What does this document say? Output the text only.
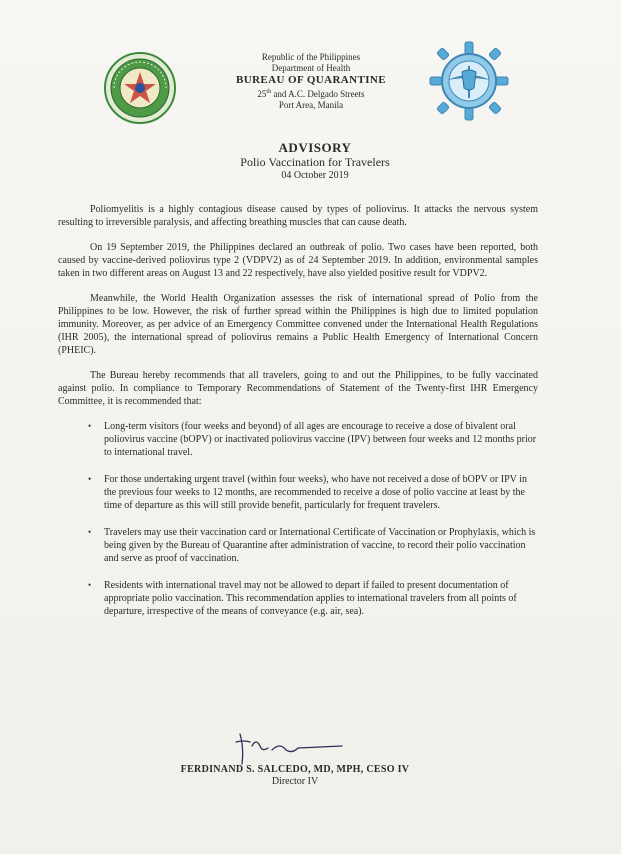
Republic of the Philippines
Department of Health
BUREAU OF QUARANTINE
25th and A.C. Delgado Streets
Port Area, Manila
ADVISORY
Polio Vaccination for Travelers
04 October 2019

Poliomyelitis is a highly contagious disease caused by types of poliovirus. It attacks the nervous system resulting to irreversible paralysis, and affecting breathing muscles that can cause death.

On 19 September 2019, the Philippines declared an outbreak of polio. Two cases have been reported, both caused by vaccine-derived poliovirus type 2 (VDPV2) as of 24 September 2019. In addition, environmental samples taken in two different areas on August 13 and 22 respectively, have also yielded positive result for VDPV2.

Meanwhile, the World Health Organization assesses the risk of international spread of Polio from the Philippines to be low. However, the risk of further spread within the Philippines is high due to limited population immunity. Moreover, as per advice of an Emergency Committee convened under the International Health Regulations (IHR 2005), the international spread of poliovirus remains a Public Health Emergency of International Concern (PHEIC).

The Bureau hereby recommends that all travelers, going to and out the Philippines, to be fully vaccinated against polio. In compliance to Temporary Recommendations of Statement of the Twenty-first IHR Emergency Committee, it is recommended that:

• Long-term visitors (four weeks and beyond) of all ages are encourage to receive a dose of bivalent oral poliovirus vaccine (bOPV) or inactivated poliovirus vaccine (IPV) between four weeks and 12 months prior to international travel.
• For those undertaking urgent travel (within four weeks), who have not received a dose of bOPV or IPV in the previous four weeks to 12 months, are recommended to receive a dose of polio vaccine at least by the time of departure as this will still provide benefit, particularly for frequent travelers.
• Travelers may use their vaccination card or International Certificate of Vaccination or Prophylaxis, which is being given by the Bureau of Quarantine after administration of vaccine, to record their polio vaccination and serve as proof of vaccination.
• Residents with international travel may not be allowed to depart if failed to present documentation of appropriate polio vaccination. This recommendation applies to international travelers from all points of departure, irrespective of the means of conveyance (e.g. air, sea).
FERDINAND S. SALCEDO, MD, MPH, CESO IV
Director IV
